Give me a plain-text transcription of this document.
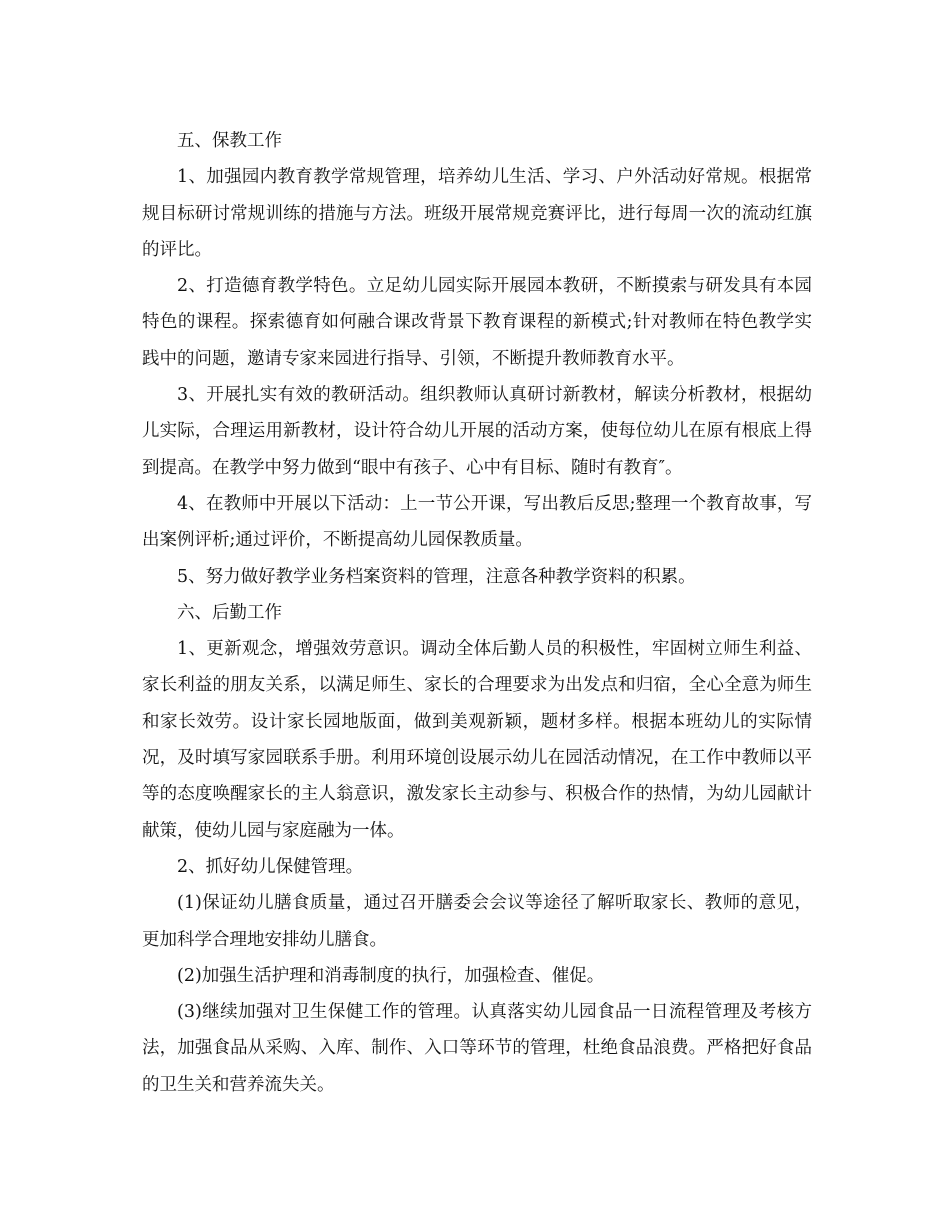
五、保教工作

1、加强园内教育教学常规管理，培养幼儿生活、学习、户外活动好常规。根据常规目标研讨常规训练的措施与方法。班级开展常规竞赛评比，进行每周一次的流动红旗的评比。

2、打造德育教学特色。立足幼儿园实际开展园本教研，不断摸索与研发具有本园特色的课程。探索德育如何融合课改背景下教育课程的新模式;针对教师在特色教学实践中的问题，邀请专家来园进行指导、引领，不断提升教师教育水平。

3、开展扎实有效的教研活动。组织教师认真研讨新教材，解读分析教材，根据幼儿实际，合理运用新教材，设计符合幼儿开展的活动方案，使每位幼儿在原有根底上得到提高。在教学中努力做到“眼中有孩子、心中有目标、随时有教育″。

4、在教师中开展以下活动：上一节公开课，写出教后反思;整理一个教育故事，写出案例评析;通过评价，不断提高幼儿园保教质量。

5、努力做好教学业务档案资料的管理，注意各种教学资料的积累。

六、后勤工作

1、更新观念，增强效劳意识。调动全体后勤人员的积极性，牢固树立师生利益、家长利益的朋友关系，以满足师生、家长的合理要求为出发点和归宿，全心全意为师生和家长效劳。设计家长园地版面，做到美观新颖，题材多样。根据本班幼儿的实际情况，及时填写家园联系手册。利用环境创设展示幼儿在园活动情况，在工作中教师以平等的态度唤醒家长的主人翁意识，激发家长主动参与、积极合作的热情，为幼儿园献计献策，使幼儿园与家庭融为一体。

2、抓好幼儿保健管理。

(1)保证幼儿膳食质量，通过召开膳委会会议等途径了解听取家长、教师的意见，更加科学合理地安排幼儿膳食。

(2)加强生活护理和消毒制度的执行，加强检查、催促。

(3)继续加强对卫生保健工作的管理。认真落实幼儿园食品一日流程管理及考核方法，加强食品从采购、入库、制作、入口等环节的管理，杜绝食品浪费。严格把好食品的卫生关和营养流失关。
